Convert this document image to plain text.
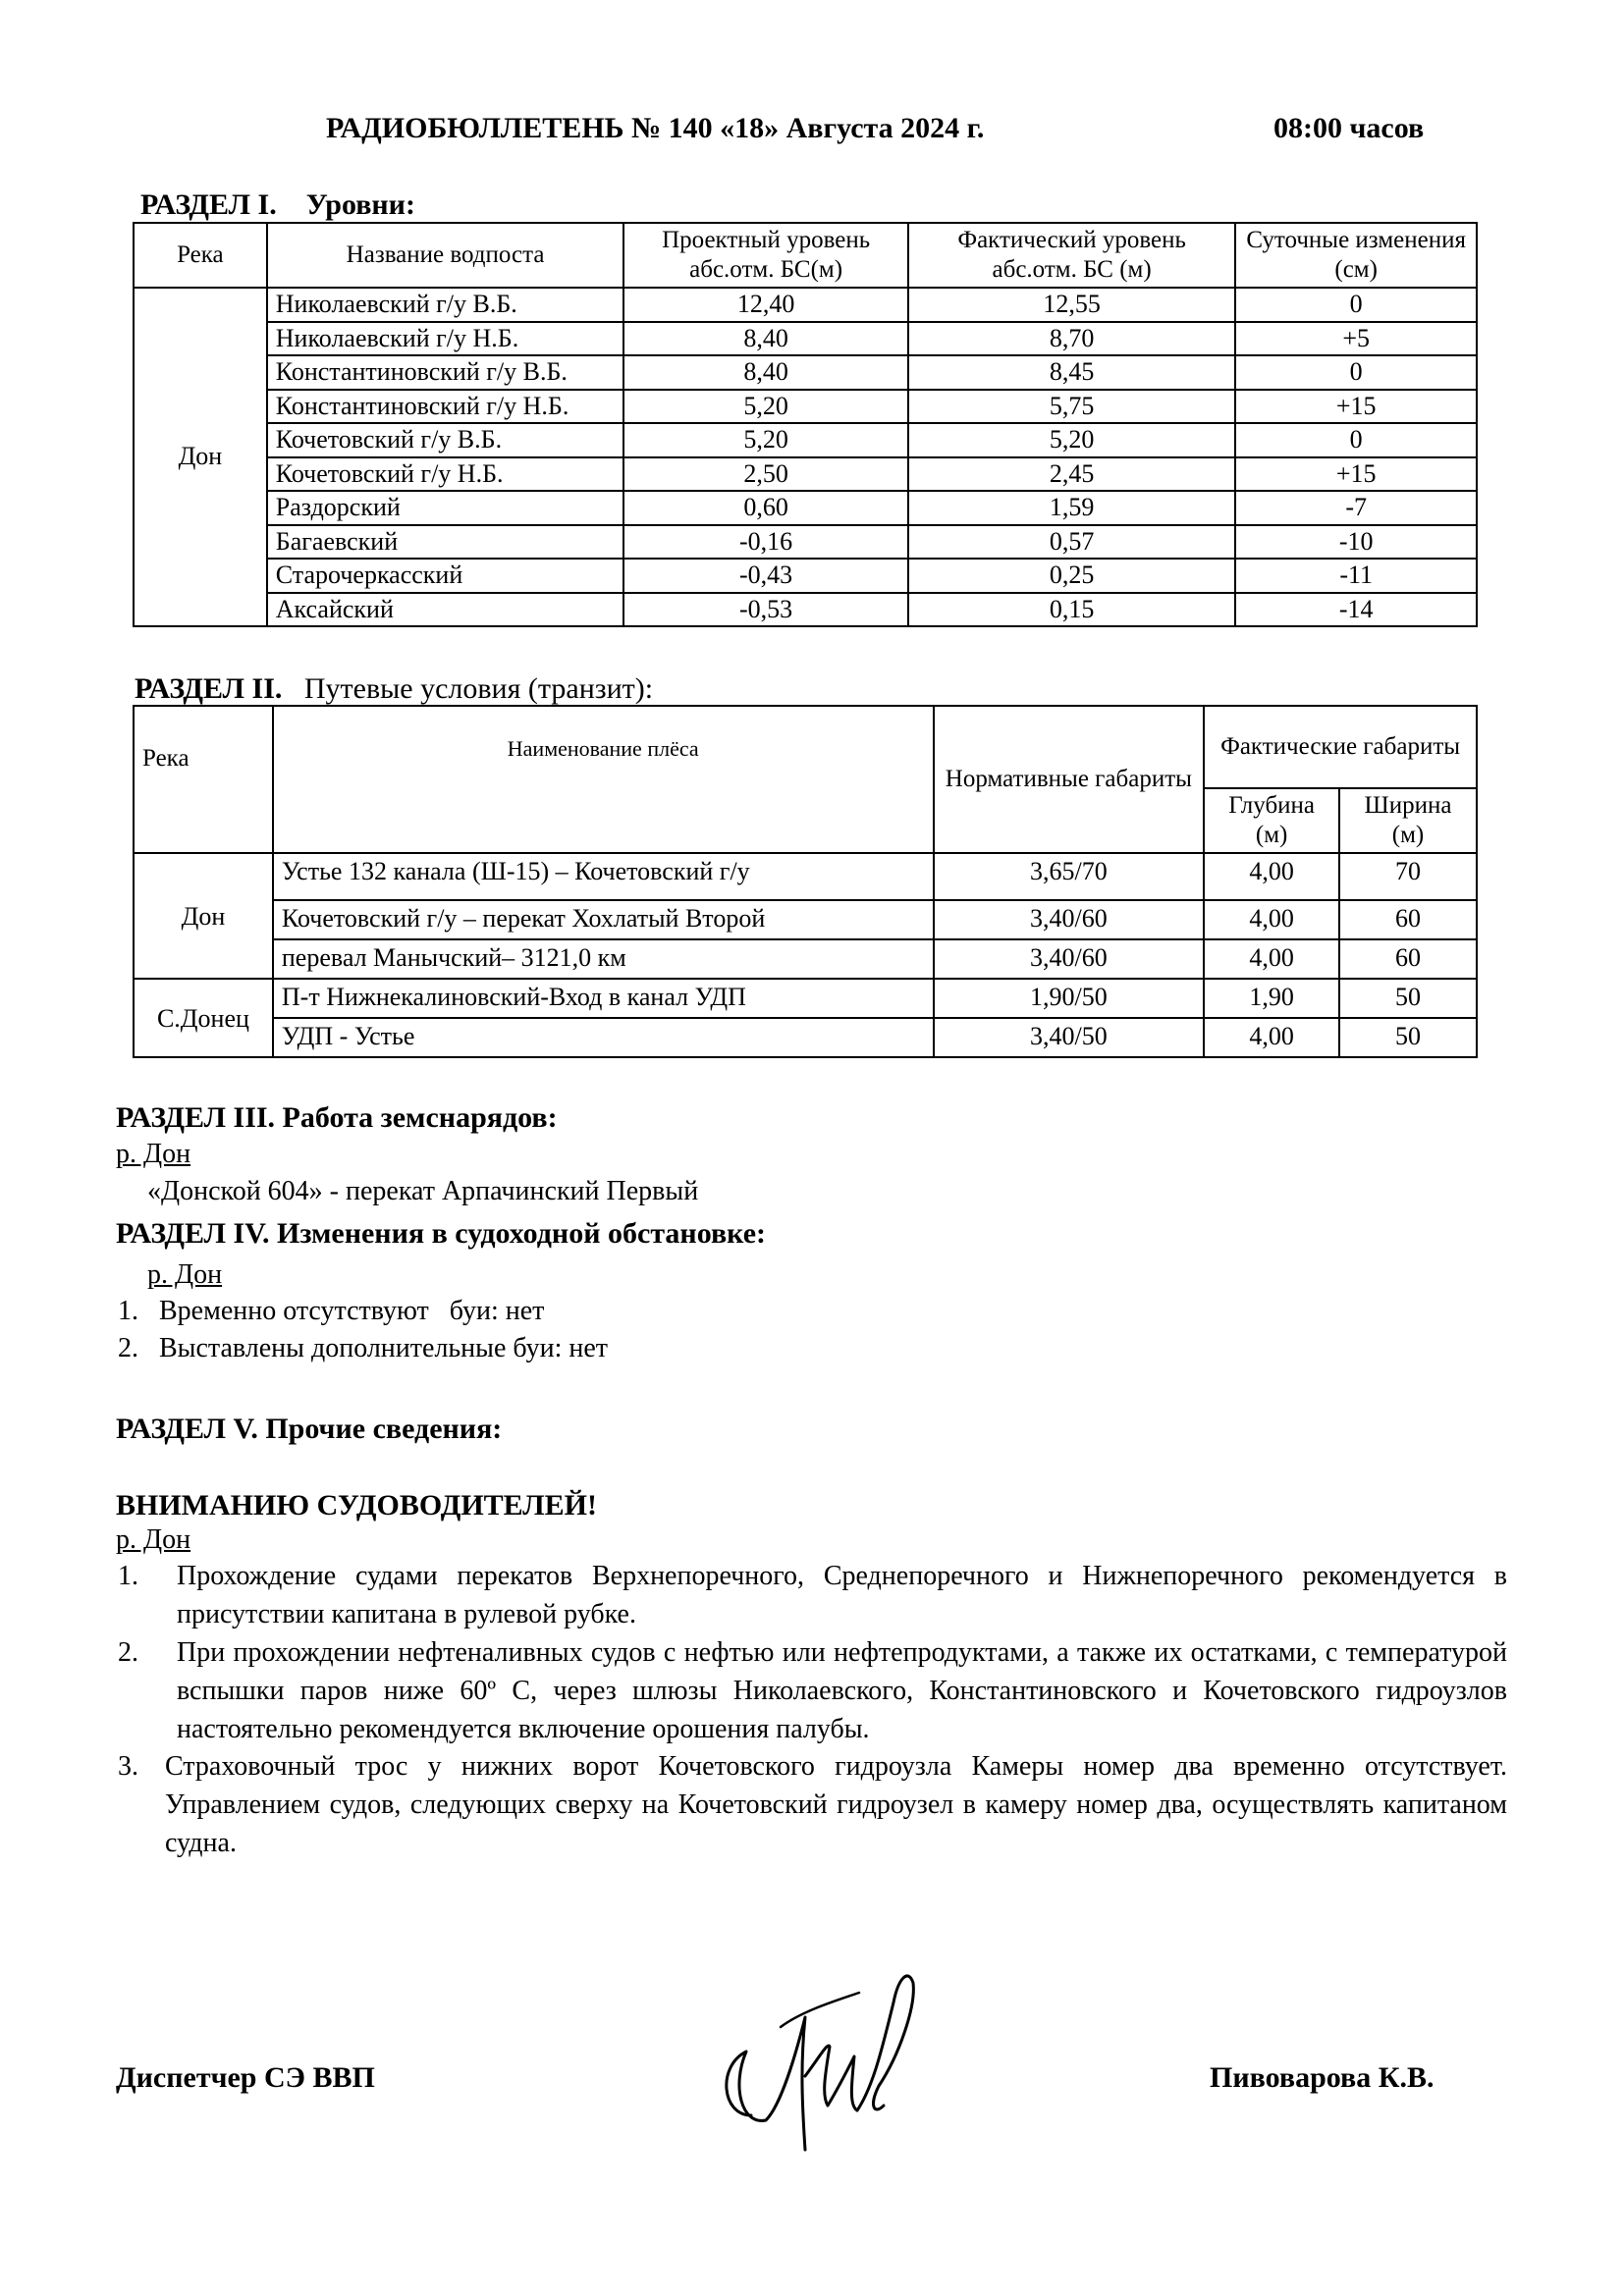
РАДИОБЮЛЛЕТЕНЬ № 140 «18» Августа 2024 г.	08:00 часов
РАЗДЕЛ I. Уровни:
Река	Название водпоста	Проектный уровень абс.отм. БС(м)	Фактический уровень абс.отм. БС (м)	Суточные изменения (см)
Дон	Николаевский г/у В.Б.	12,40	12,55	0
	Николаевский г/у Н.Б.	8,40	8,70	+5
	Константиновский г/у В.Б.	8,40	8,45	0
	Константиновский г/у Н.Б.	5,20	5,75	+15
	Кочетовский г/у В.Б.	5,20	5,20	0
	Кочетовский г/у Н.Б.	2,50	2,45	+15
	Раздорский	0,60	1,59	-7
	Багаевский	-0,16	0,57	-10
	Старочеркасский	-0,43	0,25	-11
	Аксайский	-0,53	0,15	-14
РАЗДЕЛ II. Путевые условия (транзит):
Река	Наименование плёса	Нормативные габариты	Фактические габариты	
			Глубина (м)	Ширина (м)
Дон	Устье 132 канала (Ш-15) – Кочетовский г/у	3,65/70	4,00	70
	Кочетовский г/у – перекат Хохлатый Второй	3,40/60	4,00	60
	перевал Манычский– 3121,0 км	3,40/60	4,00	60
С.Донец	П-т Нижнекалиновский-Вход в канал УДП	1,90/50	1,90	50
	УДП - Устье	3,40/50	4,00	50
РАЗДЕЛ III. Работа земснарядов:
р. Дон
«Донской 604» - перекат Арпачинский Первый
РАЗДЕЛ IV. Изменения в судоходной обстановке:
р. Дон
1. Временно отсутствуют   буи: нет
2. Выставлены дополнительные буи: нет
РАЗДЕЛ V. Прочие сведения:
ВНИМАНИЮ СУДОВОДИТЕЛЕЙ!
р. Дон
1.	Прохождение судами перекатов Верхнепоречного, Среднепоречного и Нижнепоречного рекомендуется в присутствии капитана в рулевой рубке.
2.	При прохождении нефтеналивных судов с нефтью или нефтепродуктами, а также их остатками, с температурой вспышки паров ниже 60º С, через шлюзы Николаевского, Константиновского и Кочетовского гидроузлов настоятельно рекомендуется включение орошения палубы.
3. Страховочный трос у нижних ворот Кочетовского гидроузла Камеры номер два временно отсутствует. Управлением судов, следующих сверху на Кочетовский гидроузел в камеру номер два, осуществлять капитаном судна.
Диспетчер СЭ ВВП	Пивоварова К.В.
